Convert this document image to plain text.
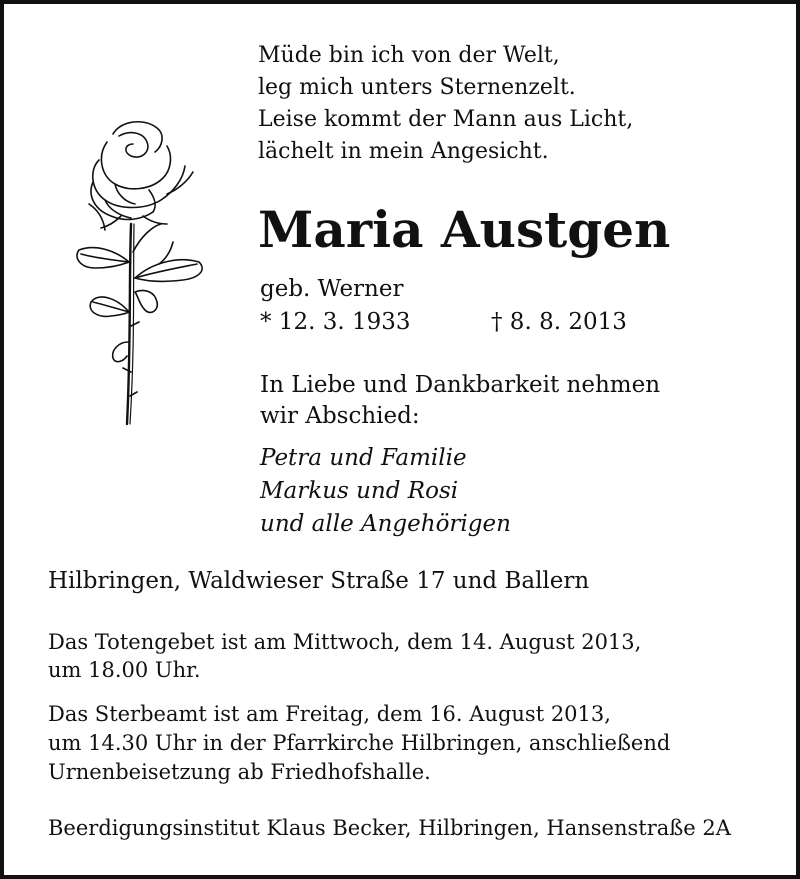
Müde bin ich von der Welt,
leg mich unters Sternenzelt.
Leise kommt der Mann aus Licht,
lächelt in mein Angesicht.
Maria Austgen
geb. Werner
* 12. 3. 1933	† 8. 8. 2013
In Liebe und Dankbarkeit nehmen
wir Abschied:
Petra und Familie
Markus und Rosi
und alle Angehörigen
Hilbringen, Waldwieser Straße 17 und Ballern
Das Totengebet ist am Mittwoch, dem 14. August 2013,
um 18.00 Uhr.
Das Sterbeamt ist am Freitag, dem 16. August 2013,
um 14.30 Uhr in der Pfarrkirche Hilbringen, anschließend
Urnenbeisetzung ab Friedhofshalle.
Beerdigungsinstitut Klaus Becker, Hilbringen, Hansenstraße 2A
